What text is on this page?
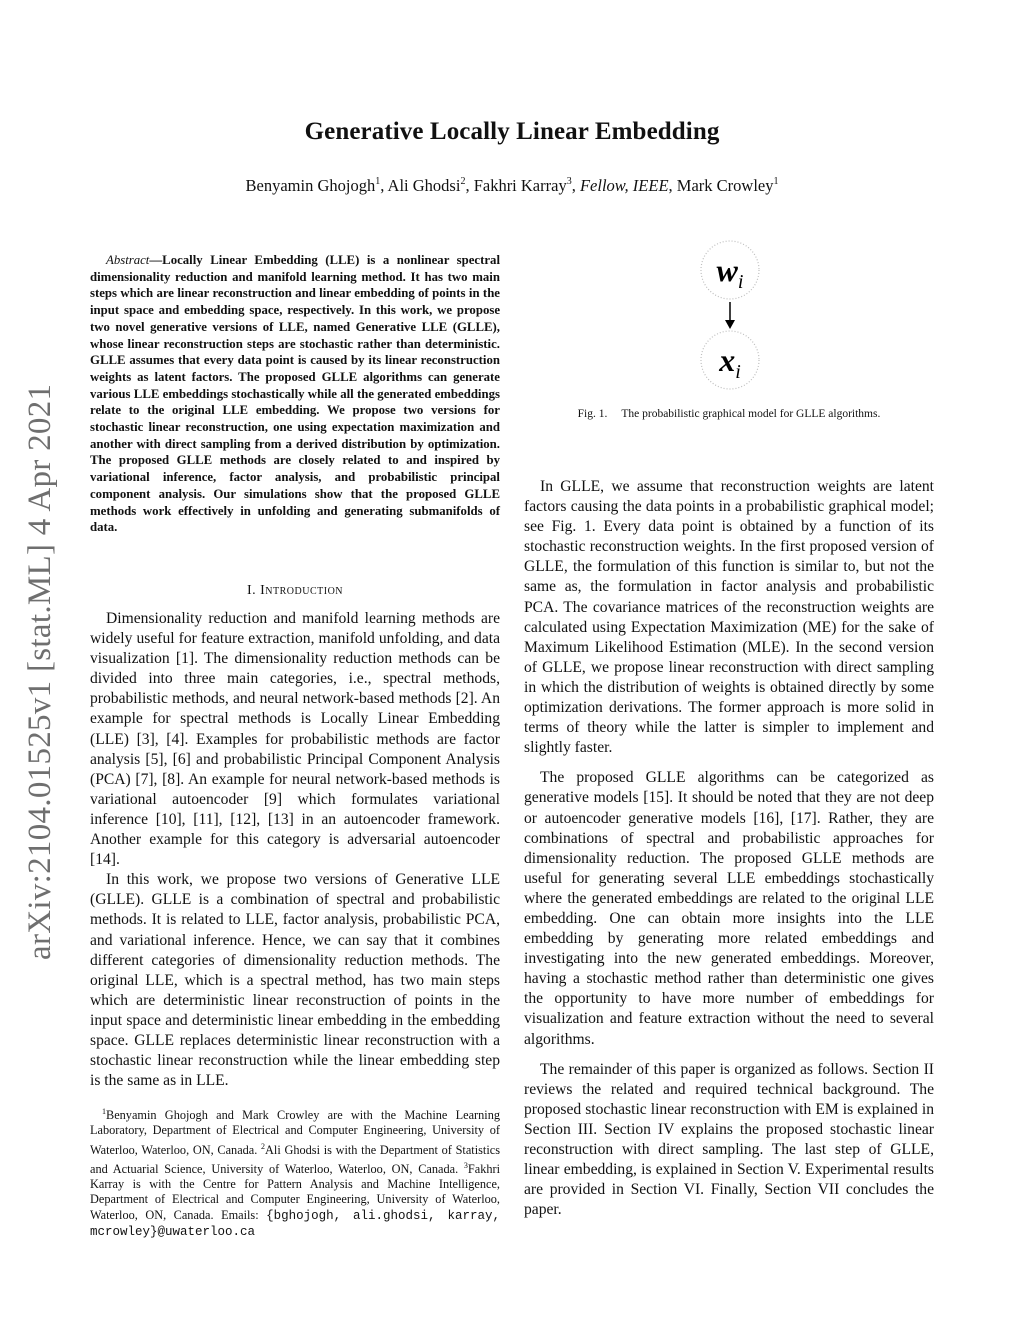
arXiv:2104.01525v1 [stat.ML] 4 Apr 2021
Generative Locally Linear Embedding
Benyamin Ghojogh$^1$, Ali Ghodsi$^2$, Fakhri Karray$^3$, Fellow, IEEE, Mark Crowley$^1$

Abstract—Locally Linear Embedding (LLE) is a nonlinear spectral dimensionality reduction and manifold learning method. It has two main steps which are linear reconstruction and linear embedding of points in the input space and embedding space, respectively. In this work, we propose two novel generative versions of LLE, named Generative LLE (GLLE), whose linear reconstruction steps are stochastic rather than deterministic. GLLE assumes that every data point is caused by its linear reconstruction weights as latent factors. The proposed GLLE algorithms can generate various LLE embeddings stochastically while all the generated embeddings relate to the original LLE embedding. We propose two versions for stochastic linear reconstruction, one using expectation maximization and another with direct sampling from a derived distribution by optimization. The proposed GLLE methods are closely related to and inspired by variational inference, factor analysis, and probabilistic principal component analysis. Our simulations show that the proposed GLLE methods work effectively in unfolding and generating submanifolds of data.

I. Introduction

Dimensionality reduction and manifold learning methods are widely useful for feature extraction, manifold unfolding, and data visualization [1]. The dimensionality reduction methods can be divided into three main categories, i.e., spectral methods, probabilistic methods, and neural network-based methods [2]. An example for spectral methods is Locally Linear Embedding (LLE) [3], [4]. Examples for probabilistic methods are factor analysis [5], [6] and probabilistic Principal Component Analysis (PCA) [7], [8]. An example for neural network-based methods is variational autoencoder [9] which formulates variational inference [10], [11], [12], [13] in an autoencoder framework. Another example for this category is adversarial autoencoder [14].

In this work, we propose two versions of Generative LLE (GLLE). GLLE is a combination of spectral and probabilistic methods. It is related to LLE, factor analysis, probabilistic PCA, and variational inference. Hence, we can say that it combines different categories of dimensionality reduction methods. The original LLE, which is a spectral method, has two main steps which are deterministic linear reconstruction of points in the input space and deterministic linear embedding in the embedding space. GLLE replaces deterministic linear reconstruction with a stochastic linear reconstruction while the linear embedding step is the same as in LLE.

$^1$Benyamin Ghojogh and Mark Crowley are with the Machine Learning Laboratory, Department of Electrical and Computer Engineering, University of Waterloo, Waterloo, ON, Canada. $^2$Ali Ghodsi is with the Department of Statistics and Actuarial Science, University of Waterloo, Waterloo, ON, Canada. $^3$Fakhri Karray is with the Centre for Pattern Analysis and Machine Intelligence, Department of Electrical and Computer Engineering, University of Waterloo, Waterloo, ON, Canada. Emails: {bghojogh, ali.ghodsi, karray, mcrowley}@uwaterloo.ca

$w_i$
$x_i$
Fig. 1. The probabilistic graphical model for GLLE algorithms.

In GLLE, we assume that reconstruction weights are latent factors causing the data points in a probabilistic graphical model; see Fig. 1. Every data point is obtained by a function of its stochastic reconstruction weights. In the first proposed version of GLLE, the formulation of this function is similar to, but not the same as, the formulation in factor analysis and probabilistic PCA. The covariance matrices of the reconstruction weights are calculated using Expectation Maximization (ME) for the sake of Maximum Likelihood Estimation (MLE). In the second version of GLLE, we propose linear reconstruction with direct sampling in which the distribution of weights is obtained directly by some optimization derivations. The former approach is more solid in terms of theory while the latter is simpler to implement and slightly faster.

The proposed GLLE algorithms can be categorized as generative models [15]. It should be noted that they are not deep or autoencoder generative models [16], [17]. Rather, they are combinations of spectral and probabilistic approaches for dimensionality reduction. The proposed GLLE methods are useful for generating several LLE embeddings stochastically where the generated embeddings are related to the original LLE embedding. One can obtain more insights into the LLE embedding by generating more related embeddings and investigating into the new generated embeddings. Moreover, having a stochastic method rather than deterministic one gives the opportunity to have more number of embeddings for visualization and feature extraction without the need to several algorithms.

The remainder of this paper is organized as follows. Section II reviews the related and required technical background. The proposed stochastic linear reconstruction with EM is explained in Section III. Section IV explains the proposed stochastic linear reconstruction with direct sampling. The last step of GLLE, linear embedding, is explained in Section V. Experimental results are provided in Section VI. Finally, Section VII concludes the paper.
